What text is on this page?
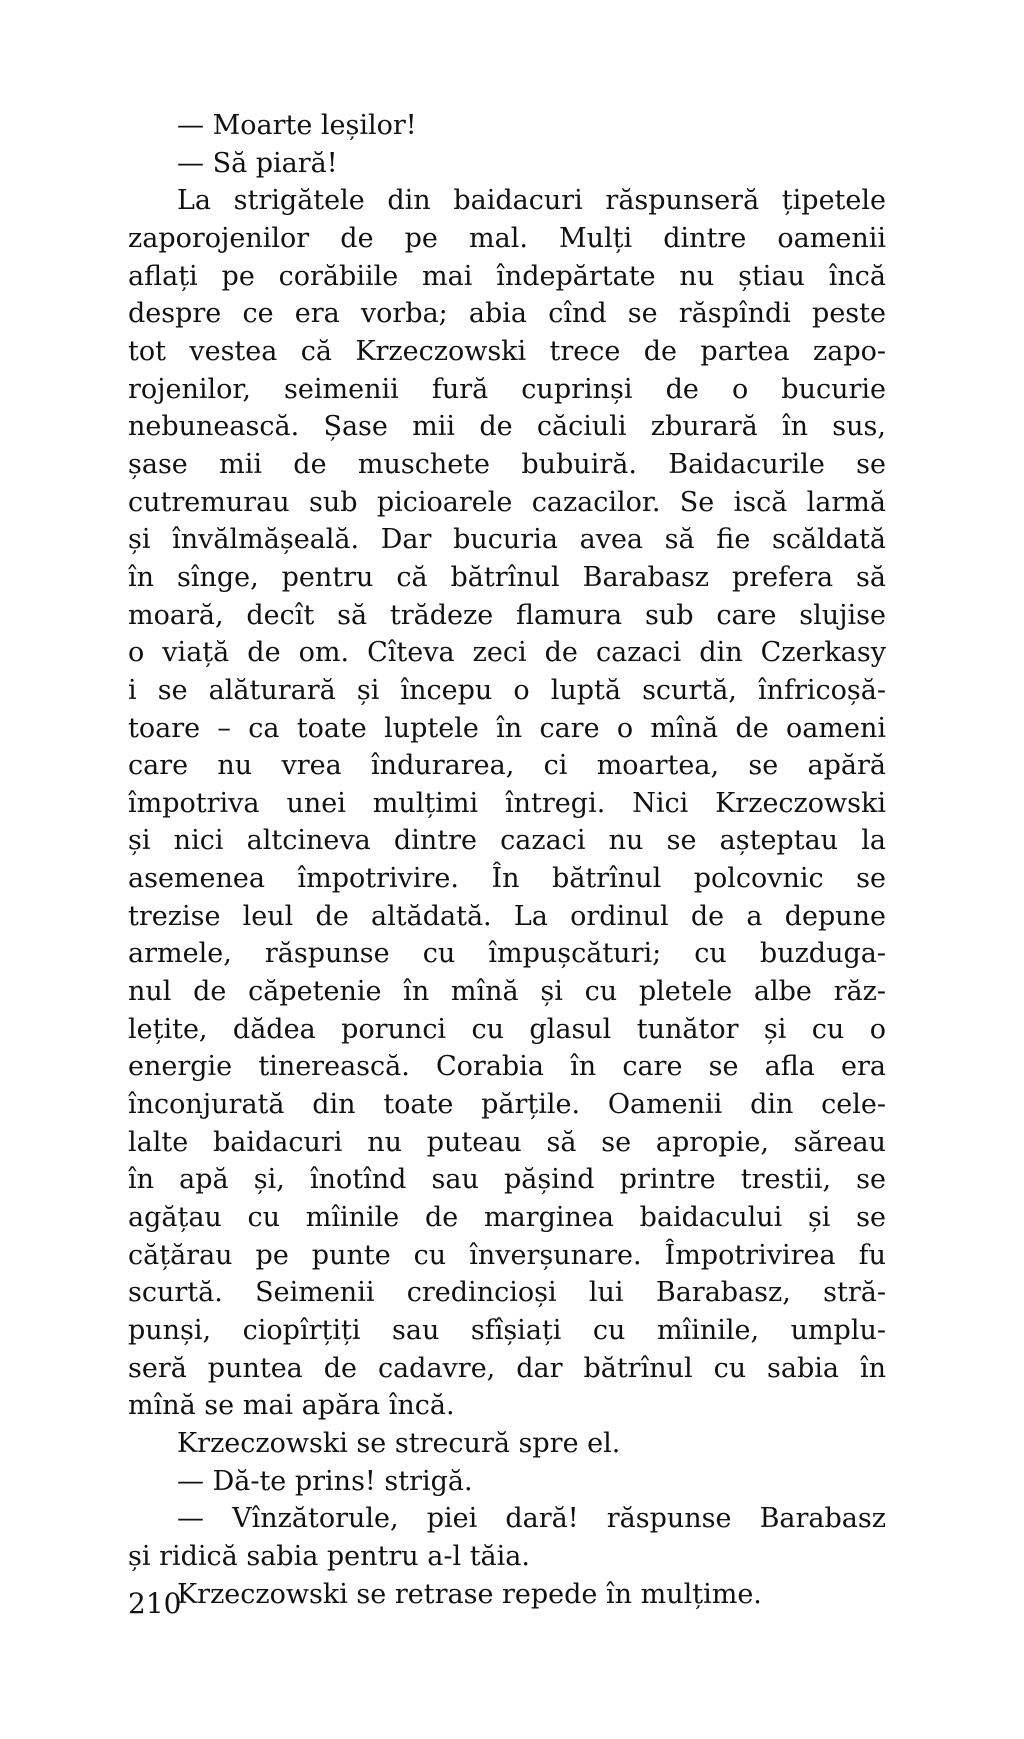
— Moarte leșilor!
— Să piară!
La strigătele din baidacuri răspunseră țipetele
zaporojenilor de pe mal. Mulți dintre oamenii
aflați pe corăbiile mai îndepărtate nu știau încă
despre ce era vorba; abia cînd se răspîndi peste
tot vestea că Krzeczowski trece de partea zapo-
rojenilor, seimenii fură cuprinși de o bucurie
nebunească. Șase mii de căciuli zburară în sus,
șase mii de muschete bubuiră. Baidacurile se
cutremurau sub picioarele cazacilor. Se iscă larmă
și învălmășeală. Dar bucuria avea să fie scăldată
în sînge, pentru că bătrînul Barabasz prefera să
moară, decît să trădeze flamura sub care slujise
o viață de om. Cîteva zeci de cazaci din Czerkasy
i se alăturară și începu o luptă scurtă, înfricoșă-
toare – ca toate luptele în care o mînă de oameni
care nu vrea îndurarea, ci moartea, se apără
împotriva unei mulțimi întregi. Nici Krzeczowski
și nici altcineva dintre cazaci nu se așteptau la
asemenea împotrivire. În bătrînul polcovnic se
trezise leul de altădată. La ordinul de a depune
armele, răspunse cu împușcături; cu buzduga-
nul de căpetenie în mînă și cu pletele albe răz-
lețite, dădea porunci cu glasul tunător și cu o
energie tinerească. Corabia în care se afla era
înconjurată din toate părțile. Oamenii din cele-
lalte baidacuri nu puteau să se apropie, săreau
în apă și, înotînd sau pășind printre trestii, se
agățau cu mîinile de marginea baidacului și se
cățărau pe punte cu înverșunare. Împotrivirea fu
scurtă. Seimenii credincioși lui Barabasz, stră-
punși, ciopîrțiți sau sfîșiați cu mîinile, umplu-
seră puntea de cadavre, dar bătrînul cu sabia în
mînă se mai apăra încă.
Krzeczowski se strecură spre el.
— Dă-te prins! strigă.
— Vînzătorule, piei dară! răspunse Barabasz
și ridică sabia pentru a-l tăia.
Krzeczowski se retrase repede în mulțime.
210
